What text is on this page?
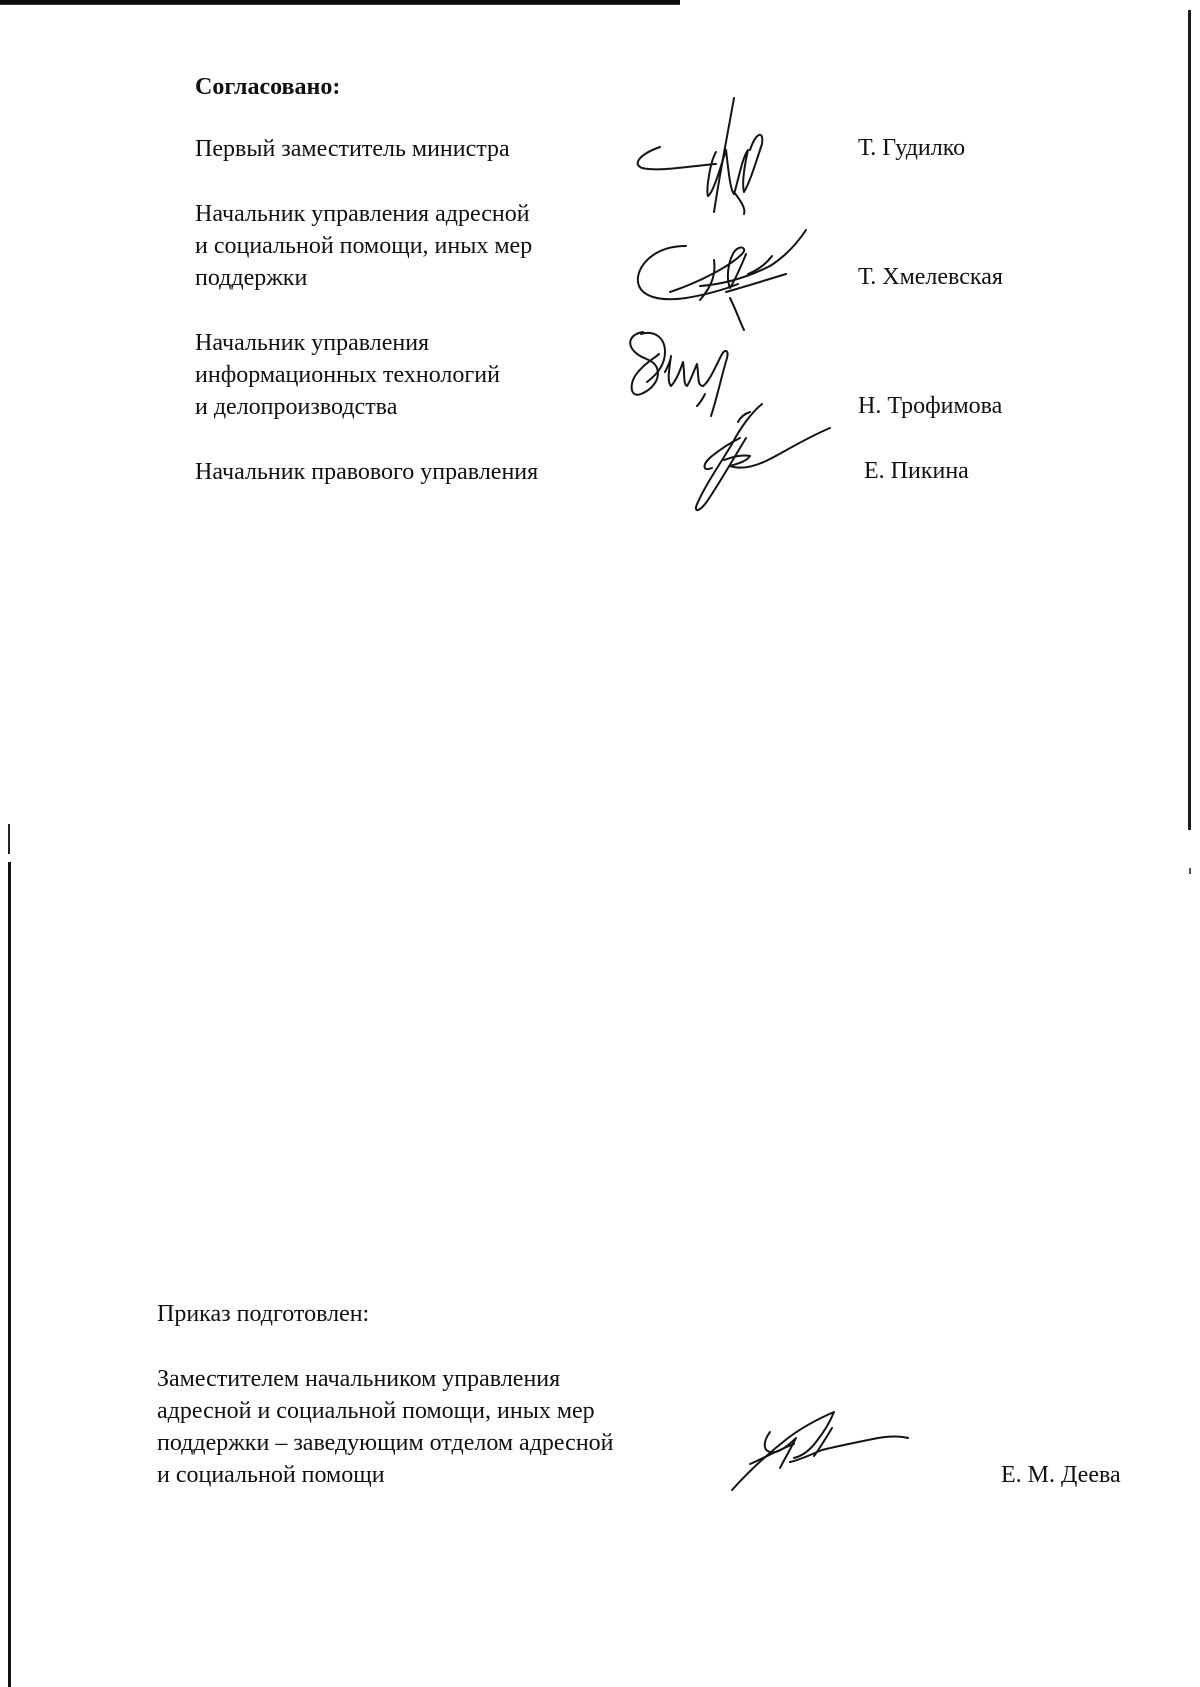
Согласовано:
Первый заместитель министра	Т. Гудилко
Начальник управления адресной
и социальной помощи, иных мер
поддержки	Т. Хмелевская
Начальник управления
информационных технологий
и делопроизводства	Н. Трофимова
Начальник правового управления	Е. Пикина
Приказ подготовлен:
Заместителем начальником управления
адресной и социальной помощи, иных мер
поддержки – заведующим отделом адресной
и социальной помощи	Е. М. Деева
